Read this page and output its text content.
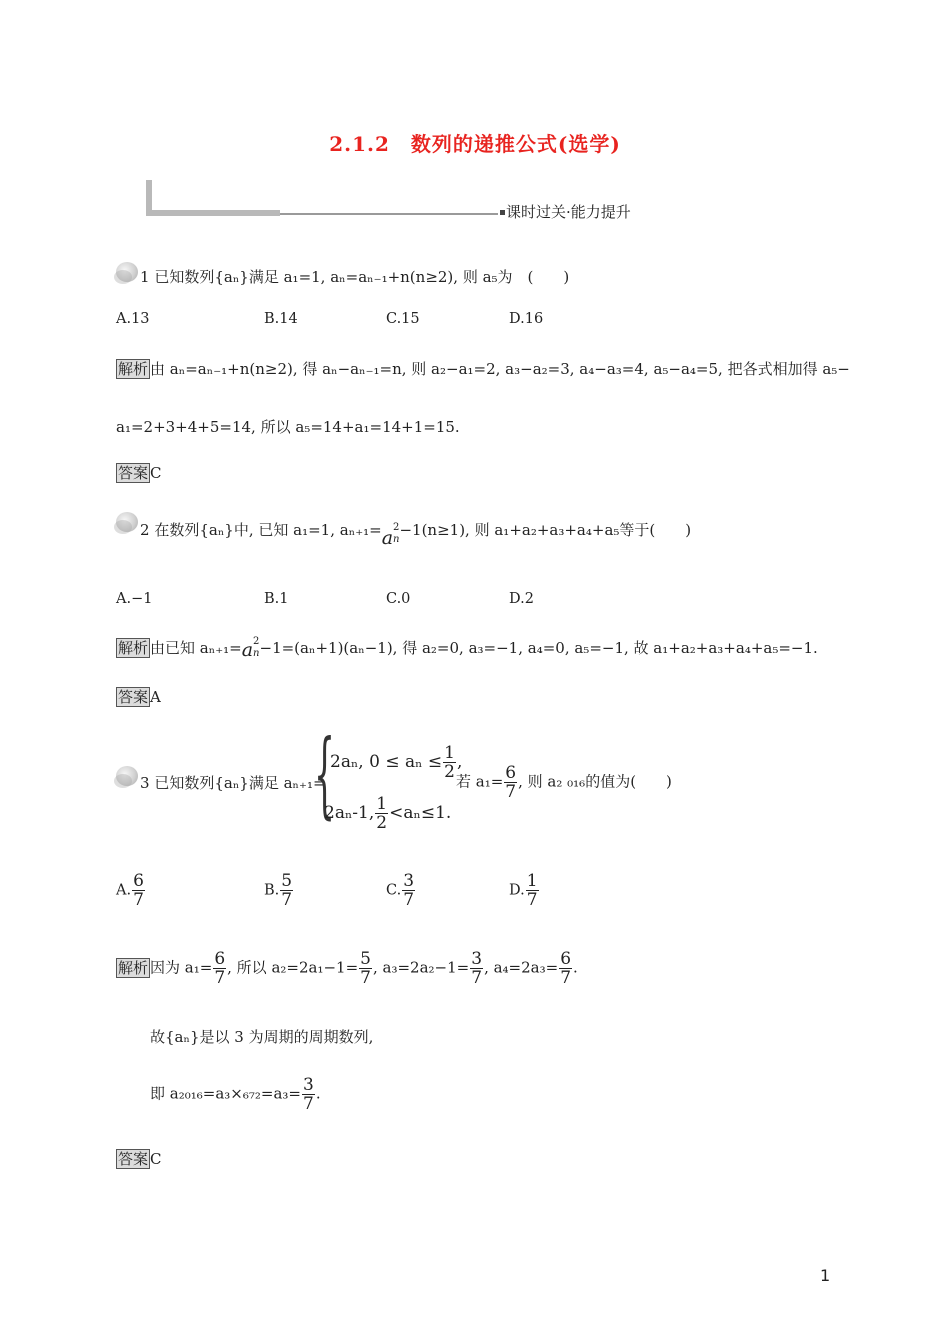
2.1.2　数列的递推公式(选学)
课时过关·能力提升
1 已知数列{aₙ}满足 a₁=1, aₙ=aₙ₋₁+n(n≥2), 则 a₅为　(　　)
A.13	B.14	C.15	D.16
解析 由 aₙ=aₙ₋₁+n(n≥2), 得 aₙ−aₙ₋₁=n, 则 a₂−a₁=2, a₃−a₂=3, a₄−a₃=4, a₅−a₄=5, 把各式相加得 a₅−
a₁=2+3+4+5=14, 所以 a₅=14+a₁=14+1=15.
答案 C
2 在数列{aₙ}中, 已知 a₁=1, aₙ₊₁=a 2
n
−1(n≥1), 则 a₁+a₂+a₃+a₄+a₅等于(　　)
A.−1	B.1	C.0	D.2
解析 由已知 aₙ₊₁=a 2
n −1=(aₙ+1)(aₙ−1), 得 a₂=0, a₃=−1, a₄=0, a₅=−1, 故 a₁+a₂+a₃+a₄+a₅=−1.
答案 A
3 已知数列{aₙ}满足 aₙ₊₁=
{
2aₙ, $0 \le a_n \le \frac{1}{2}$ ,
2aₙ-1, $\frac{1}{2} <a_n\le 1$.
若 $a_1= \frac{6}{7}$ , 则 a₂ ₀₁₆的值为(　　)
A. $\frac{6}{7}$	B. $\frac{5}{7}$	C. $\frac{3}{7}$	D. $\frac{1}{7}$
解析 因为 $a_1= \frac{6}{7}$ , 所以 $a_2=2a_1-1= \frac{5}{7}$ , $a_3=2a_2-1= \frac{3}{7}$ , $a_4=2a_3= \frac{6}{7}$ .
故{aₙ}是以 3 为周期的周期数列,
即 $a_{2016}=a_3\times_{672}=a_3= \frac{3}{7}$ .
答案 C
1
